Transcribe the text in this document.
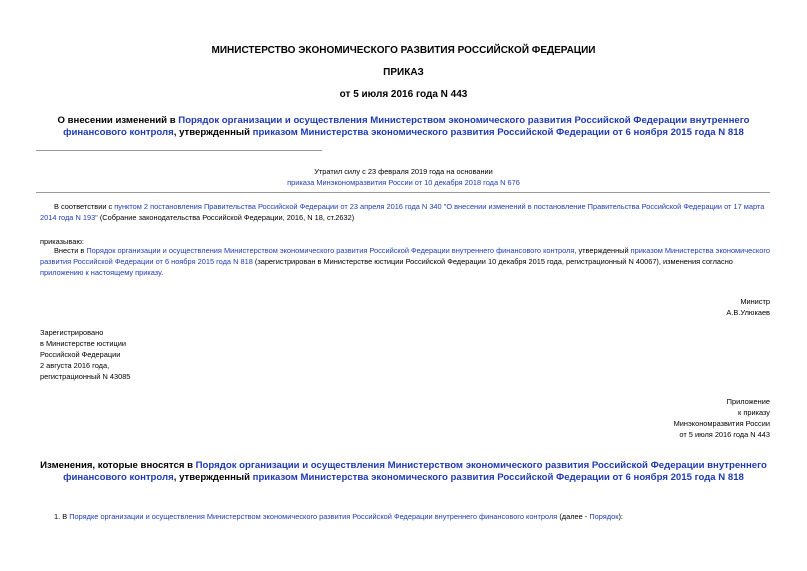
МИНИСТЕРСТВО ЭКОНОМИЧЕСКОГО РАЗВИТИЯ РОССИЙСКОЙ ФЕДЕРАЦИИ
ПРИКАЗ
от 5 июля 2016 года N 443
О внесении изменений в Порядок организации и осуществления Министерством экономического развития Российской Федерации внутреннего финансового контроля, утвержденный приказом Министерства экономического развития Российской Федерации от 6 ноября 2015 года N 818
Утратил силу с 23 февраля 2019 года на основании
приказа Минэкономразвития России от 10 декабря 2018 года N 676
В соответствии с пунктом 2 постановления Правительства Российской Федерации от 23 апреля 2016 года N 340 "О внесении изменений в постановление Правительства Российской Федерации от 17 марта 2014 года N 193" (Собрание законодательства Российской Федерации, 2016, N 18, ст.2632)
приказываю:
Внести в Порядок организации и осуществления Министерством экономического развития Российской Федерации внутреннего финансового контроля, утвержденный приказом Министерства экономического развития Российской Федерации от 6 ноября 2015 года N 818 (зарегистрирован в Министерстве юстиции Российской Федерации 10 декабря 2015 года, регистрационный N 40067), изменения согласно приложению к настоящему приказу.
Министр
А.В.Улюкаев
Зарегистрировано
в Министерстве юстиции
Российской Федерации
2 августа 2016 года,
регистрационный N 43085
Приложение
к приказу
Минэкономразвития России
от 5 июля 2016 года N 443
Изменения, которые вносятся в Порядок организации и осуществления Министерством экономического развития Российской Федерации внутреннего финансового контроля, утвержденный приказом Министерства экономического развития Российской Федерации от 6 ноября 2015 года N 818
1. В Порядке организации и осуществления Министерством экономического развития Российской Федерации внутреннего финансового контроля (далее - Порядок):
